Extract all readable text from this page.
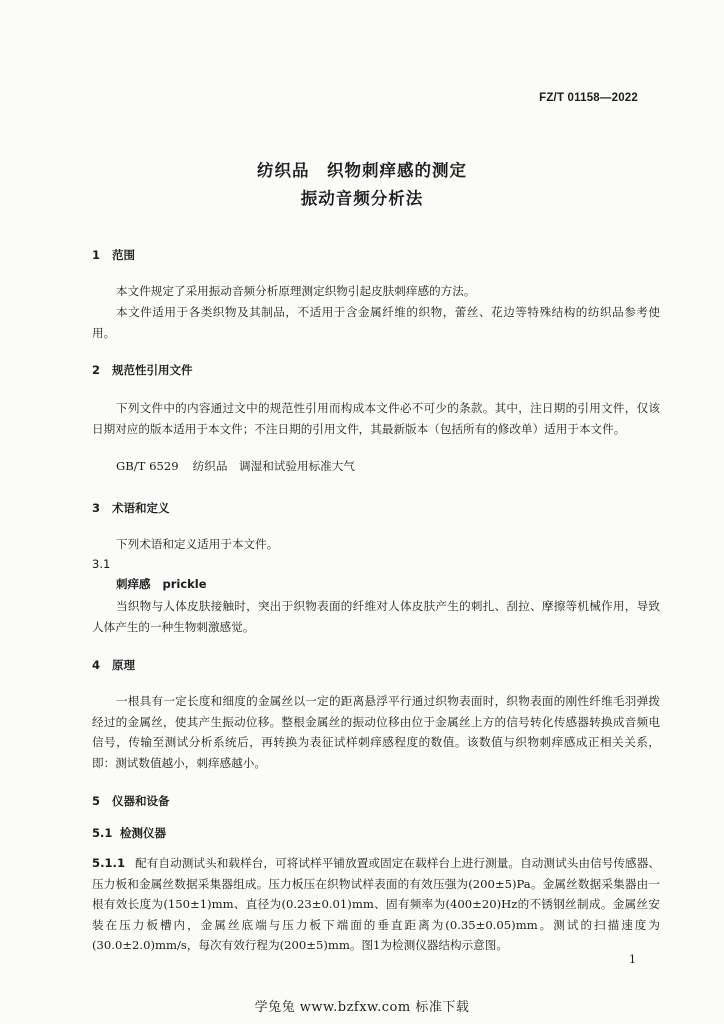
FZ/T 01158—2022
纺织品　织物刺痒感的测定
振动音频分析法
1 范围
本文件规定了采用振动音频分析原理测定织物引起皮肤刺痒感的方法。
本文件适用于各类织物及其制品，不适用于含金属纤维的织物，蕾丝、花边等特殊结构的纺织品参考使用。
2 规范性引用文件
下列文件中的内容通过文中的规范性引用而构成本文件必不可少的条款。其中，注日期的引用文件，仅该日期对应的版本适用于本文件；不注日期的引用文件，其最新版本（包括所有的修改单）适用于本文件。
GB/T 6529 纺织品　调湿和试验用标准大气
3 术语和定义
下列术语和定义适用于本文件。
3.1
刺痒感 prickle
当织物与人体皮肤接触时，突出于织物表面的纤维对人体皮肤产生的刺扎、刮拉、摩擦等机械作用，导致人体产生的一种生物刺激感觉。
4 原理
一根具有一定长度和细度的金属丝以一定的距离悬浮平行通过织物表面时，织物表面的刚性纤维毛羽弹拨经过的金属丝，使其产生振动位移。整根金属丝的振动位移由位于金属丝上方的信号转化传感器转换成音频电信号，传输至测试分析系统后，再转换为表征试样刺痒感程度的数值。该数值与织物刺痒感成正相关关系，即：测试数值越小，刺痒感越小。
5 仪器和设备
5.1 检测仪器
5.1.1 配有自动测试头和载样台，可将试样平铺放置或固定在载样台上进行测量。自动测试头由信号传感器、压力板和金属丝数据采集器组成。压力板压在织物试样表面的有效压强为(200±5)Pa。金属丝数据采集器由一根有效长度为(150±1)mm、直径为(0.23±0.01)mm、固有频率为(400±20)Hz的不锈钢丝制成。金属丝安装在压力板槽内，金属丝底端与压力板下端面的垂直距离为(0.35±0.05)mm。测试的扫描速度为(30.0±2.0)mm/s，每次有效行程为(200±5)mm。图1为检测仪器结构示意图。
1
学兔兔 www.bzfxw.com 标准下载
